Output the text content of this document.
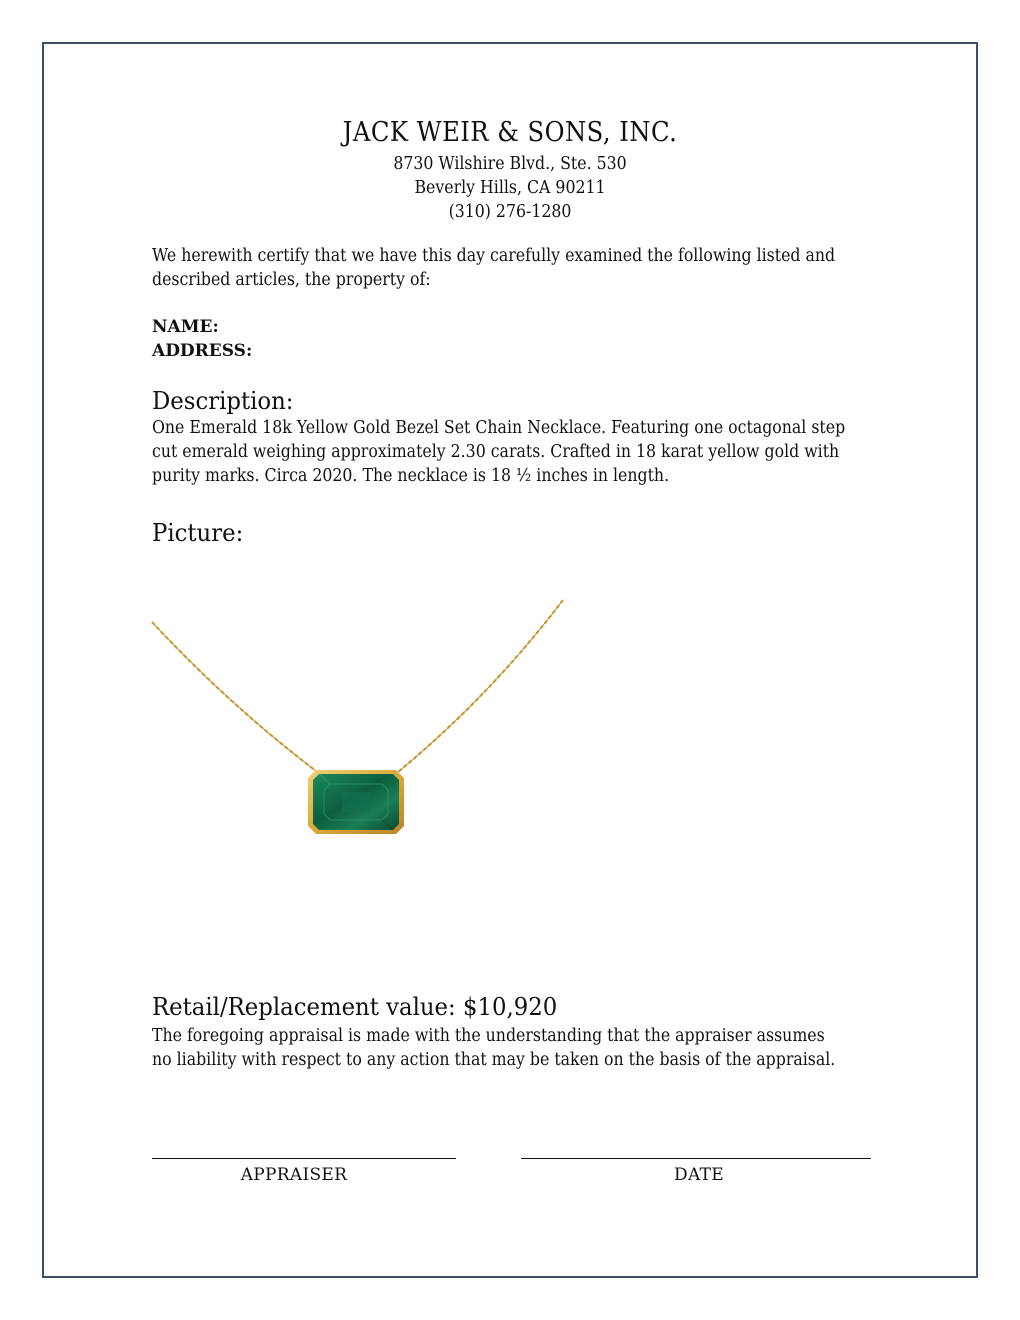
JACK WEIR & SONS, INC.
8730 Wilshire Blvd., Ste. 530
Beverly Hills, CA 90211
(310) 276-1280
We herewith certify that we have this day carefully examined the following listed and
described articles, the property of:
NAME:
ADDRESS:
Description:
One Emerald 18k Yellow Gold Bezel Set Chain Necklace. Featuring one octagonal step
cut emerald weighing approximately 2.30 carats. Crafted in 18 karat yellow gold with
purity marks. Circa 2020. The necklace is 18 ½ inches in length.
Picture:
Retail/Replacement value: $10,920
The foregoing appraisal is made with the understanding that the appraiser assumes
no liability with respect to any action that may be taken on the basis of the appraisal.
APPRAISER	DATE
